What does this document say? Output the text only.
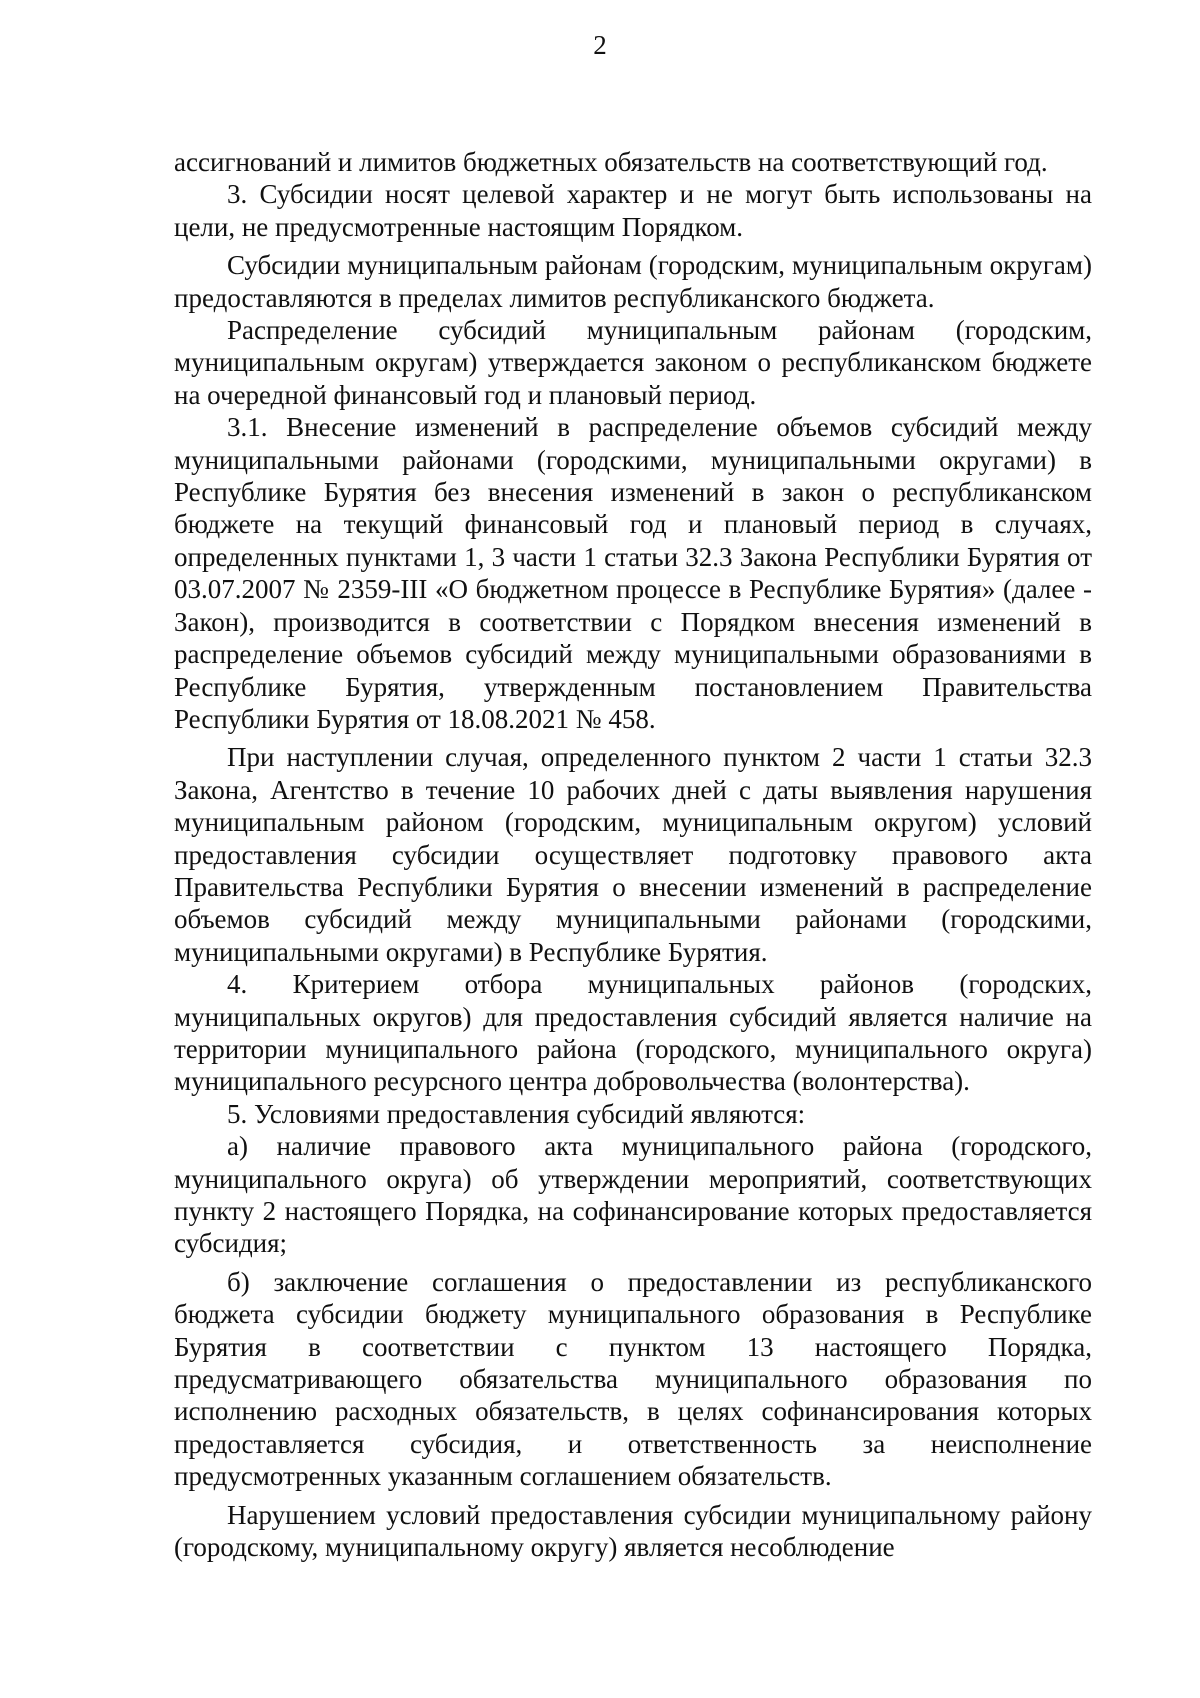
2

ассигнований и лимитов бюджетных обязательств на соответствующий год.

3. Субсидии носят целевой характер и не могут быть использованы на цели, не предусмотренные настоящим Порядком.

Субсидии муниципальным районам (городским, муниципальным округам) предоставляются в пределах лимитов республиканского бюджета.

Распределение субсидий муниципальным районам (городским, муниципальным округам) утверждается законом о республиканском бюджете на очередной финансовый год и плановый период.

3.1. Внесение изменений в распределение объемов субсидий между муниципальными районами (городскими, муниципальными округами) в Республике Бурятия без внесения изменений в закон о республиканском бюджете на текущий финансовый год и плановый период в случаях, определенных пунктами 1, 3 части 1 статьи 32.3 Закона Республики Бурятия от 03.07.2007 № 2359-III «О бюджетном процессе в Республике Бурятия» (далее - Закон), производится в соответствии с Порядком внесения изменений в распределение объемов субсидий между муниципальными образованиями в Республике Бурятия, утвержденным постановлением Правительства Республики Бурятия от 18.08.2021 № 458.

При наступлении случая, определенного пунктом 2 части 1 статьи 32.3 Закона, Агентство в течение 10 рабочих дней с даты выявления нарушения муниципальным районом (городским, муниципальным округом) условий предоставления субсидии осуществляет подготовку правового акта Правительства Республики Бурятия о внесении изменений в распределение объемов субсидий между муниципальными районами (городскими, муниципальными округами) в Республике Бурятия.

4. Критерием отбора муниципальных районов (городских, муниципальных округов) для предоставления субсидий является наличие на территории муниципального района (городского, муниципального округа) муниципального ресурсного центра добровольчества (волонтерства).

5. Условиями предоставления субсидий являются:

а) наличие правового акта муниципального района (городского, муниципального округа) об утверждении мероприятий, соответствующих пункту 2 настоящего Порядка, на софинансирование которых предоставляется субсидия;

б) заключение соглашения о предоставлении из республиканского бюджета субсидии бюджету муниципального образования в Республике Бурятия в соответствии с пунктом 13 настоящего Порядка, предусматривающего обязательства муниципального образования по исполнению расходных обязательств, в целях софинансирования которых предоставляется субсидия, и ответственность за неисполнение предусмотренных указанным соглашением обязательств.

Нарушением условий предоставления субсидии муниципальному району (городскому, муниципальному округу) является несоблюдение
